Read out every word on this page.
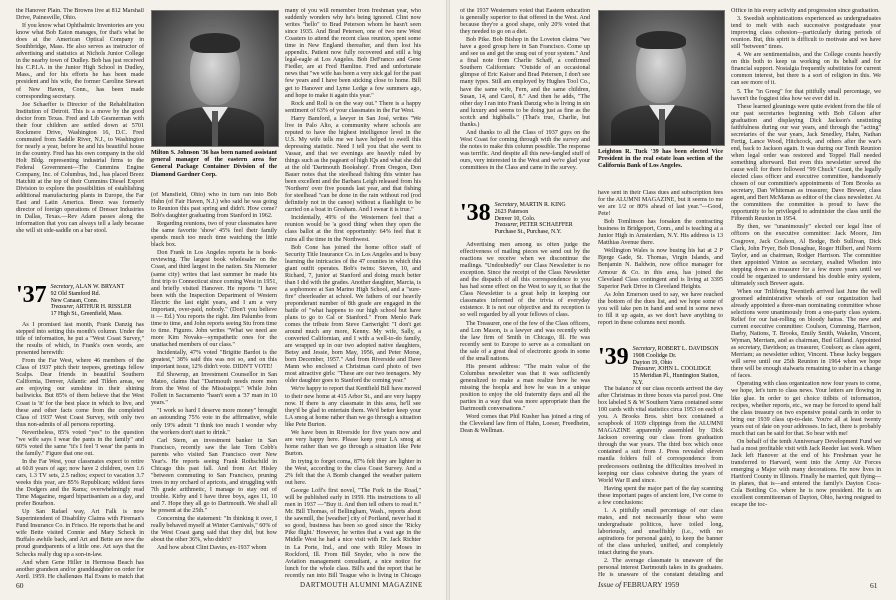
the Hanover Plain. The Browns live at 812 Marshall Drive, Painesville, Ohio.

If you know what Ophthalmic Inventories are you know what Bob Eaton manages, for that's what he does at the American Optical Company in Southbridge, Mass. He also serves as instructor of advertising and statistics at Nichols Junior College in the nearby town of Dudley. Bob has just received his C.P.I.A. in the Junior High School in Dudley, Mass., and for his efforts he has been made president and his wife, the former Caroline Stewart of New Haven, Conn., has been made corresponding secretary.

Joe Schaeffer is Director of the Rehabilitation Institution of Detroit. This is a move by the good doctor from Texas. Fred and Lib Gesmerman with their four children are settled down at 5701 Rockmere Drive, Washington 16, D.C. Fred commuted from Saddle River, N.J., to Washington for nearly a year, before he and his beautiful house in the country. Fred has his own company in the old Holt Bldg. representing industrial firms to the Federal Government—The Cummins Engine Company, Inc. of Columbus, Ind., has placed Breez Hatchitt at the top of their Cummins Diesel Export Division to explore the possibilities of establishing additional manufacturing plants in Europe, the Far East and Latin America. Breez was formerly director of foreign operations of Dresser Industries in Dallas, Texas.—Rev Adam passes along the information that you can always tell a lady because she will sit side-saddle on a bar stool.

'37 Secretary, ALAN W. BRYANT
92 Old Stamford Rd.
New Canaan, Conn.
Treasurer, ARTHUR H. RISSLER
17 High St., Greenfield, Mass.

As I promised last month, Frank Danzig has stepped into setting this month's column. Under the title of information, he put a "West Coast Survey," the results of which, in Frank's own words, are presented herewith:

From the Far West, where 46 members of the Class of 1937 pitch their teepees, greetings fellow Scalps. Dear friends in beautiful Southern California, Denver, Atlantic and Tilden areas, we are enjoying our sunshine in their shining bailiwicks. But 85% of them believe that the West Coast is 'it' for the best place in which to live, and these and other facts come from the completed Class of 1937 West Coast Survey, with only two thus non-admits of all persons reporting.

Nevertheless, 85% voted "yes" to the question "we wife says I wear the pants in the family" and 60% voted the same "it's I feel 'I wear' the pants in the family." Figure that one out.

In the Far West, your classmates expect to retire at 60.8 years of age; now have 2 children, own 1.6 cars, 1.3 TV sets, 2.5 radios; expect to vacation 3.7 weeks this year, are 85% Republican; wildest fares the Dodgers and the Rams; overwhelmingly read Time Magazine, regard bipartisanism as a day, and prefer Bourbon.

Up San Rafael way, Art Falk is now Superintendent of Disability Claims with Fireman's Fund Insurance Co. in Frisco. He reports that he and wife Bette visited Connie and Mary Scheck in Buffalo awhile back, and Art and Bette are now the proud grandparents of a little one. Art says that the Schecks really dug up a son-in-law.

And when Gene Hiller in Hermosa Beach has another grandson and/or granddaughter on order for April, 1959. He challenges Hal Evans to match that

Milton S. Johnson '36 has been named assistant general manager of the eastern area for General Package Container Division of the Diamond Gardner Corp.

(of Mansfield, Ohio) who in turn ran into Bob Hahn (of Fair Haven, N.J.) who said he was going to Reunion this past spring and didn't. How come? Bob's daughter graduating from Stanford in 1962.

Regarding reunions, two of your classmates have the same favorite 'show' 45% feel their family spends much too much time watching the little black box.

Don Frank in Los Angeles reports he is book-reviewing. The largest book wholesaler on the Coast, and third largest in the nation. Stu Niemeier (same city) writes that last summer he made his first trip to Connecticut since coming West in 1951, and briefly visited Hanover. He reports "I have been with the Inspection Department of Western Electric the last eight years, and I am a very important, over-paid, nobody." (Don't you believe it — Ed.) You reports the right. Jim Palumbo from time to time, and John reports seeing Stu from time to time. Figures. John writes "What we need are more Kim Novaks—sympathetic ones for the unattached members of our class."

Incidentally, 47% voted "Brigitte Bardot is the greatest," 38% said this was not so, and on this important issue, 12% didn't vote. DIDN'T VOTE!

Ed Showrup, an Investment Counsellor in San Mateo, claims that "Dartmouth needs more men from the West of the Mississippi." While John Follett in Sacramento "hasn't seen a '37 man in 10 years."

"I work so hard I deserve more money" brought an astounding 75% vote in the affirmative, while only 19% admit "I think too much I wonder why the workers don't start to drink."

Carl Stern, an investment banker in San Francisco, recently saw the late Tom Cobb's parents who visited San Francisco over New Year's. He reports seeing Frank Rothschild in Chicago this past fall. And from Art Hisley "between commuting to San Francisco, pruning trees in my orchard of apricots, and struggling with 7th grade arithmetic, I manage to stay out of trouble. Kirby and I have three boys, ages 11, 10 and 7. Hope they all go to Dartmouth. We shall all be present at the 25th."

Concerning the statement: "In thinking it over, I really behaved myself at Winter Carnivals," 60% of the West Coast gang said that they did, but how about the other 36%, who didn't?

And how about Clint Davies, ex-1937 whom

many of you will remember from freshman year, who suddenly wonders why he's being ignored. Clint now writes "hello" to Brad Peterson whom he hasn't seen since 1935. And Brad Petersen, one of two new West Coasters to attend the recent class reunion, spent some time in New England thereafter, and then lost his appendix. Patient now fully recovered and still a big legal-eagle at Los Angeles. Bob DeFranco and Gene Fiedler, are at Fred Hamline. Fred and unfortunate news that "we wife has been a very sick gal for the past few years and I have been sticking close to home. Bill get to Hanover and Lyme Ledge a few summers ago, and hope to make it again this year."

Rock and Roll is on the way out." There is a happy sentiment of 63% of your classmates in the Far West.

Harry Bamford, a lawyer in San José, writes "We live in Palo Alto, a community where schools are reputed to have the highest intelligence level in the U.S. My wife tells me we have helped to swell this depressing statistic. Need I tell you that she went to Vassar, and that we evenings are heavily ruled by things such as the pageant of high IQs and what she did at the old 'Dartmouth Bookshop'. From Oregon, Don Bauer notes that the steelhead fishing this winter has been excellent and the Barbara Leigh released from his 'Northern' over five pounds last year, and that fishing for steelhead "can be done in the rain without rod (rod definitely not in the canoe) without a flashlight to be carried on a boat in Gresham. And I swear it is true."

Incidentally, 49% of the Westerners feel that a reunion would be 'a good thing' when they open the class ballot at the first opportunity: 64% feel that it ruins all the time in the Northwest.

Bob Cone has joined the home office staff of Security Title Insurance Co. in Los Angeles and is busy learning the intricacies of the 47 counties in which this giant outfit operates. Bob's twins: Steven, 10, and Richard, 7, junior at Stanford and doing much better than I did with the grades. Another daughter, Marcia, is a sophomore at San Marino High School, and a "sure-fire" cheerleader at school. We fathers of our heavily preponderant number of 8th grade are engaged in the battle of "what happens to our high school but have plans to go to Cal or Stanford." From Menlo Park comes the tribute from Steve Cartwright: "I don't get around much any more, Kenny. My wife, Sally, a converted Californian, and I with a well-to-do family, are wrapped up in our two adopted native daughters, Betsy and Jessie, born May, 1956, and Peter Morse, born December, 1957." And from Riverside and Dave Mann who enclosed a Christmas card photo of two most attractive girls: "These are our two teenagers. My older daughter goes to Stanford the coming year."

We're happy to report that Kentfield Bill have moved to their new home at 415 Arbor St., and are very happy now. If there is any classmate in this area, he'll see they'd be glad to entertain them. We'd better keep your LA smog at home rather than we go through a situation like Pete Burton.

We have been in Riverside for five years now and are very happy here. Please keep your LA smog at home rather than we go through a situation like Pete Burton.

In trying to forget coma, 87% felt they are lighter in the West, according to the class Coast Survey. And a 2% felt that the A Bomb changed the weather pattern out here.

George Loff's first novel, "The Fork in the Road," will be published early in 1959. His instructions to all men in 1937 —"Buy it. And then tell others to read it." Mr. Bill Thomas, of Bellingham, Wash., reports about the sawmill, the [weather] city of Portland, never had it so good, business has been so good since the 'Ricky Pike flight.' However, he writes that a vast age in the Middle West he had a nice visit with Dr. Jack Richter in La Porte, Ind., and one with Riley Moses in Rockford, Ill. From Bill Snyder, who is now the Aviation management consultant, a nice notice for lunch for the whole class. Bill's and the report that he recently ran into Bill Teague who is living in Chicago

60	DARTMOUTH ALUMNI MAGAZINE

of the 1937 Westerners voted that Eastern education is generally superior to that offered in the West. And because they're a good shape, only 20% voted that they needed to go on a diet.

Bob Pike. Bob Bishop in the Loveton claims "we have a good group here in San Francisco. Come up and see us and get the snug out of your system." And a final note from Charlie Schaff, a confirmed Southern Californian: "Outside of an occasional glimpse of Eric Kaiser and Brad Petersen, I don't see many types. Still am employed by Hughes Tool Co., have the same wife, Fern, and the same children, Susan, 14, and Carol, 8." And then he adds, "The other day I ran into Frank Danzig who is living in sin and luxury and seems to be doing just as fine as the scotch and highballs." (That's true, Charlie, but thanks.)

And thanks to all the Class of 1937 guys on the West Coast for coming through with the survey and the notes to make this column possible. The response was terrific. And despite all this new-fangled stuff of ours, very interested in the West and we're glad your committees in the Class and came in the survey.

'38 Secretary, MARTIN R. KING
2623 Paterson
Denver 10, Colo.
Treasurer, PETER SCHAEFFER
Purchase St., Purchase, N.Y.

Advertising men among us often judge the effectiveness of mailing pieces we send out by the reactions we receive when we discontinue the mailings. "Undoubtedly" our Class Newsletter is no exception. Since the receipt of the Class Newsletter and the dispatch of all this correspondence to you has had some effect on the West to say it, so that the Class Newsletter is a great help in keeping our classmates informed of the trivia of everyday existence. It is not our objective and its reception is so well regarded by all your fellows of class.

The Treasurer, one of the few of the Class officers, and Lon Mason, is a lawyer and was recently with the law firm of Smith in Chicago, Ill. He was recently sent to Europe to serve as a consultant on the sale of a great deal of electronic goods in some of the small nations.

His present address: "The main value of the Columbus newsletter was that it was sufficiently generalized to make a man realize how he was missing the hoopla and how he was in a unique position to enjoy the old fraternity days and all the parties in a way that was more appropriate than the Dartmouth conversations."

Word comes that Phil Kusher has joined a ring of the Cleveland law firm of Hahn, Loeser, Freedheim, Dean & Wellman.

Leighton R. Tuck '39 has been elected Vice President in the real estate loan section of the California Bank of Los Angeles.

have sent in their Class dues and subscription fees for the ALUMNI MAGAZINE, but it seems to me we are 1/2 or 80% ahead of last year."—Good, Pete!

Bob Tomlinson has forsaken the contracting business in Bridgeport, Conn., and is teaching at a Junior High in Amsterdam, N.Y. His address is 13 Matthias Avenue there.

Wellington Wales is now busing his hat at 2 P Bjerge Gade, St. Thomas, Virgin Islands, and Benjamin N. Baldwin, now office manager for Armour & Co. in this area, has joined the Cleveland Class contingent and is living at 3395 Superior Park Drive in Cleveland Heights.

As John Emerson used to say, we have reached the bottom of the dues list, and we hope some of you will take pen in hand and send in some news to fill it up again, as we don't have anything to report in these columns next month.

'39 Secretary, ROBERT L. DAVIDSON
1908 Coolidge Dr.
Dayton 19, Ohio
Treasurer, JOHN L. COOLIDGE
15 Meridian Pl., Huntington Station, N.Y.

The balance of our class records arrived the day after Christmas in three boxes via parcel post. One box labeled S & W Southern Yams contained some 100 cards with vital statistics circa 1953 on each of you. A Brooks Bros. shirt box contained a scrapbook of 1939 clippings from the ALUMNI MAGAZINE apparently assembled by Dick Jackson covering our class from graduation through the war years. The third box which once contained a suit from J. Press revealed eleven manila folders full of correspondence from predecessors outlining the difficulties involved in keeping our class cohesive during the years of World War II and since.

Having spent the major part of the day scanning these important pages of ancient lore, I've come to a few conclusions:

1. A pitifully small percentage of our class mates, and not necessarily those who were undergraduate politicos, have toiled long, laboriously, and unselfishly (i.e., with no aspirations for personal gain), to keep the banner of the class unfurled, unified, and completely intact during the years.

2. The average classmate is unaware of the personal interest Dartmouth takes in its graduates. He is unaware of the constant detailing and

Office in his every activity and progression since graduation.

3. Swedish sophistications experienced as undergraduates tend to melt with each successive postgraduate year improving class cohesion—particularly during periods of reunion. But, this spirit is difficult to motivate and we have still "between" times.

4. We are sentimentalists, and the College counts heavily on this both to keep us working on its behalf and for financial support. Nostalgia frequently substitutes for current common interest, but there is a sort of religion in this. We can see more of it.

5. The "in Greeg" for that pitifully small percentage, we haven't the foggiest idea how we ever did in.

These learned gleanings were quite evident from the file of our past secretaries beginning with Bob Gilson after graduation and displaying Dick Jackson's unstinting faithfulness during our war years, and through the "acting" secretaries of the war years, Jack Smedley, Hahn, Nathan Fertig, Lance Wood, Hitchcock, and others after the war's end, back to Jackson again. It was during our Tenth Reunion when legal order was restored and Toppel Hall needed something afterward. But even this newsletter served the cause well: for there followed "99 Chuck" Grant, the legally elected class officer and executive committee, handsomely chosen of our committee's appointments of Tom Brooks as secretary, Dan Whiteman as treasurer, Dave Brewer, class agent, and Bert McManus as editor of the class newsletter. At the committees the committee is proud to have the opportunity to be privileged to administer the class until the Fifteenth Reunion in 1954.

By then, we "unanimously" elected our legal line of officers on the executive committee: Jack Moore, Jim Cosgrove, Jack Coulson, Al Bodge, Bob Sullivan, Dick Clark, John Fryer, Bob Donaghue, Roger Hilbert, and Norm Taylor, and as chairman, Rodger Harrison. The committee then appointed Vinton as secretary, exalted Whedon into stepping down as treasurer for a few more years until we could be organized to understand his double entry system, ultimately such Brewer again.

When our Trilifeing Twentieth arrived last June the well groomed administrative wheels of our organization had already appointed a three-man nominating committee whose selections were unanimously from a one-party class system. Relief for our hat-rolling on bloody hatras. The new and current executive committee: Coulson, Cumming, Harrison, Darby, Nations, T. Brooks, Emily Smith, Wakelin, Vincent, Wyman, Merriam, and as chairman, Bud Gilfand. Appointed as secretary, Davidson; as treasurer, Coulson; as class agent, Merriam; as newsletter editor, Vincent. These lucky beggars will serve until our 25th Reunion in 1964 when we hope there will be enough stalwarts remaining to usher in a change of faces.

Operating with class organization now four years to come, we hope, let's turn to class news. Your letters are flowing in like glue. In order to get choice tidbits of information, recipes, whether reports, etc., we may be forced to spend half the class treasury on two expensive postal cards in order to bring our 1939 class up-to-date. You're all at least twenty years out of date on your addresses. In fact, there is probably much that can be said for that. So bear with me!

On behalf of the tenth Anniversary Development Fund we had a most profitable visit with Jack Reeder last week. When Jack left Hanover at the end of his Freshman year he transferred to Harvard, went into the Army Air Forces emerging a Major with many decorations. He now lives in Hartford County in Illinois. Finally he married, quit flying—in planes, that is—and entered the family's Dayton Coca-Cola Bottling Co. where he is now president. He is an excellent committeeman of Dayton, Ohio, having resigned to escape the toc-

Issue of FEBRUARY 1959	61
